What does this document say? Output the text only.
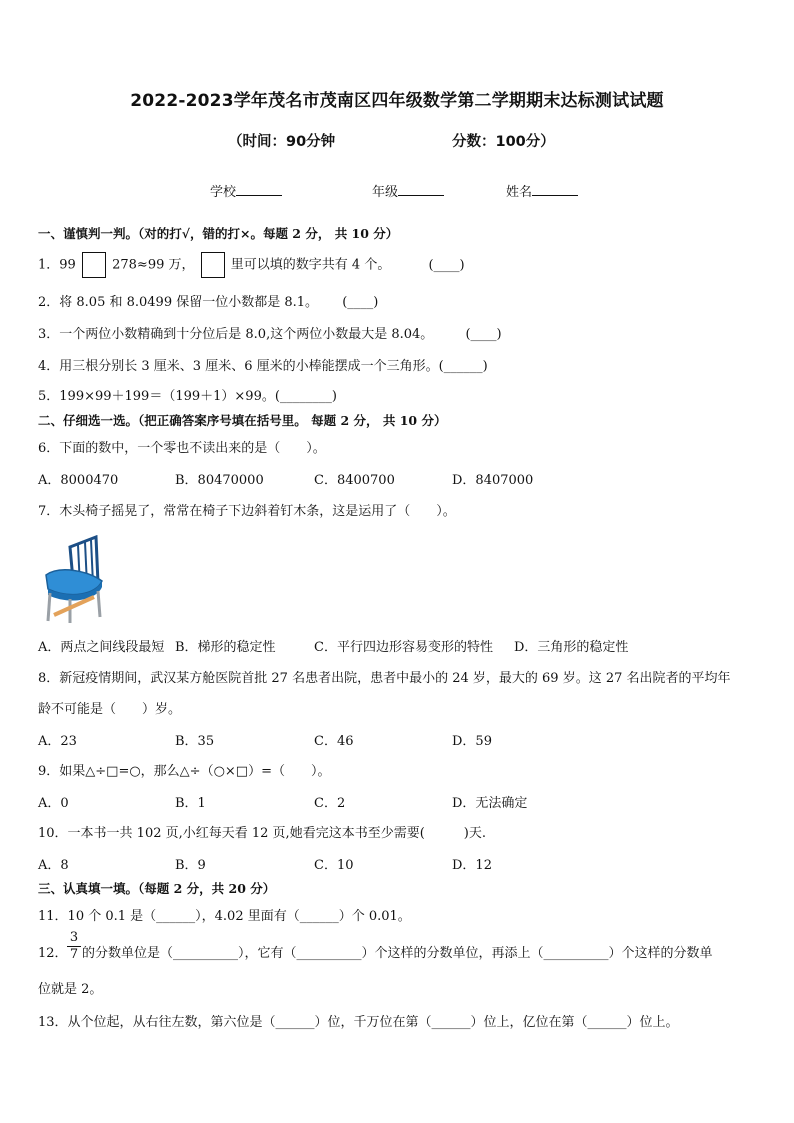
2022-2023学年茂名市茂南区四年级数学第二学期期末达标测试试题
（时间：90分钟	分数：100分）
学校	年级	姓名
一、谨慎判一判。（对的打√，错的打×。每题 2 分， 共 10 分）
1．99	278≈99 万，	里可以填的数字共有 4 个。	(____)
2．将 8.05 和 8.0499 保留一位小数都是 8.1。 (____)
3．一个两位小数精确到十分位后是 8.0,这个两位小数最大是 8.04。 (____)
4．用三根分别长 3 厘米、3 厘米、6 厘米的小棒能摆成一个三角形。(______)
5．199×99＋199＝（199＋1）×99。(________)
二、仔细选一选。（把正确答案序号填在括号里。 每题 2 分， 共 10 分）
6．下面的数中，一个零也不读出来的是（　　）。
A．8000470	B．80470000	C．8400700	D．8407000
7．木头椅子摇晃了，常常在椅子下边斜着钉木条，这是运用了（　　）。
A．两点之间线段最短 B．梯形的稳定性	C．平行四边形容易变形的特性 D．三角形的稳定性
8．新冠疫情期间，武汉某方舱医院首批 27 名患者出院，患者中最小的 24 岁，最大的 69 岁。这 27 名出院者的平均年
龄不可能是（　　）岁。
A．23	B．35	C．46	D．59
9．如果△÷□=○，那么△÷（○×□）=（　　）。
A．0	B．1	C．2	D．无法确定
10．一本书一共 102 页,小红每天看 12 页,她看完这本书至少需要(　　　)天.
A．8	B．9	C．10	D．12
三、认真填一填。（每题 2 分，共 20 分）
11．10 个 0.1 是（______），4.02 里面有（______）个 0.01。
12． $\frac{3}{7}$ 的分数单位是（__________），它有（__________）个这样的分数单位，再添上（__________）个这样的分数单
位就是 2。
13．从个位起，从右往左数，第六位是（______）位，千万位在第（______）位上，亿位在第（______）位上。
